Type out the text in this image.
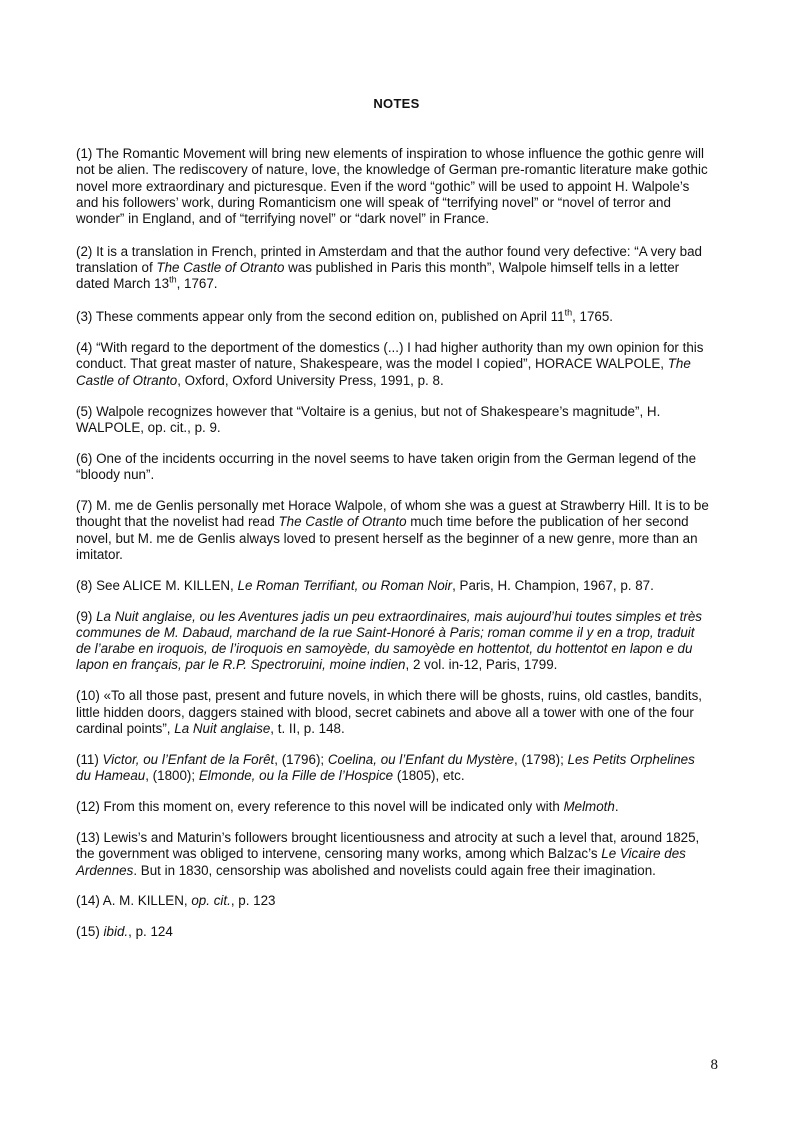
NOTES

(1) The Romantic Movement will bring new elements of inspiration to whose influence the gothic genre will not be alien. The rediscovery of nature, love, the knowledge of German pre-romantic literature make gothic novel more extraordinary and picturesque. Even if the word “gothic” will be used to appoint H. Walpole’s and his followers’ work, during Romanticism one will speak of “terrifying novel” or “novel of terror and wonder” in England, and of “terrifying novel” or “dark novel” in France.

(2) It is a translation in French, printed in Amsterdam and that the author found very defective: “A very bad translation of The Castle of Otranto was published in Paris this month”, Walpole himself tells in a letter dated March 13th, 1767.

(3) These comments appear only from the second edition on, published on April 11th, 1765.

(4) “With regard to the deportment of the domestics (...) I had higher authority than my own opinion for this conduct. That great master of nature, Shakespeare, was the model I copied”, HORACE WALPOLE, The Castle of Otranto, Oxford, Oxford University Press, 1991, p. 8.

(5) Walpole recognizes however that “Voltaire is a genius, but not of Shakespeare’s magnitude”, H. WALPOLE, op. cit., p. 9.

(6) One of the incidents occurring in the novel seems to have taken origin from the German legend of the “bloody nun”.

(7) M. me de Genlis personally met Horace Walpole, of whom she was a guest at Strawberry Hill. It is to be thought that the novelist had read The Castle of Otranto much time before the publication of her second novel, but M. me de Genlis always loved to present herself as the beginner of a new genre, more than an imitator.

(8) See ALICE M. KILLEN, Le Roman Terrifiant, ou Roman Noir, Paris, H. Champion, 1967, p. 87.

(9) La Nuit anglaise, ou les Aventures jadis un peu extraordinaires, mais aujourd’hui toutes simples et très communes de M. Dabaud, marchand de la rue Saint-Honoré à Paris; roman comme il y en a trop, traduit de l’arabe en iroquois, de l’iroquois en samoyède, du samoyède en hottentot, du hottentot en lapon e du lapon en français, par le R.P. Spectroruini, moine indien, 2 vol. in-12, Paris, 1799.

(10) «To all those past, present and future novels, in which there will be ghosts, ruins, old castles, bandits, little hidden doors, daggers stained with blood, secret cabinets and above all a tower with one of the four cardinal points”, La Nuit anglaise, t. II, p. 148.

(11) Victor, ou l’Enfant de la Forêt, (1796); Coelina, ou l’Enfant du Mystère, (1798); Les Petits Orphelines du Hameau, (1800); Elmonde, ou la Fille de l’Hospice (1805), etc.

(12) From this moment on, every reference to this novel will be indicated only with Melmoth.

(13) Lewis’s and Maturin’s followers brought licentiousness and atrocity at such a level that, around 1825, the government was obliged to intervene, censoring many works, among which Balzac’s Le Vicaire des Ardennes. But in 1830, censorship was abolished and novelists could again free their imagination.

(14) A. M. KILLEN, op. cit., p. 123

(15) ibid., p. 124

8
